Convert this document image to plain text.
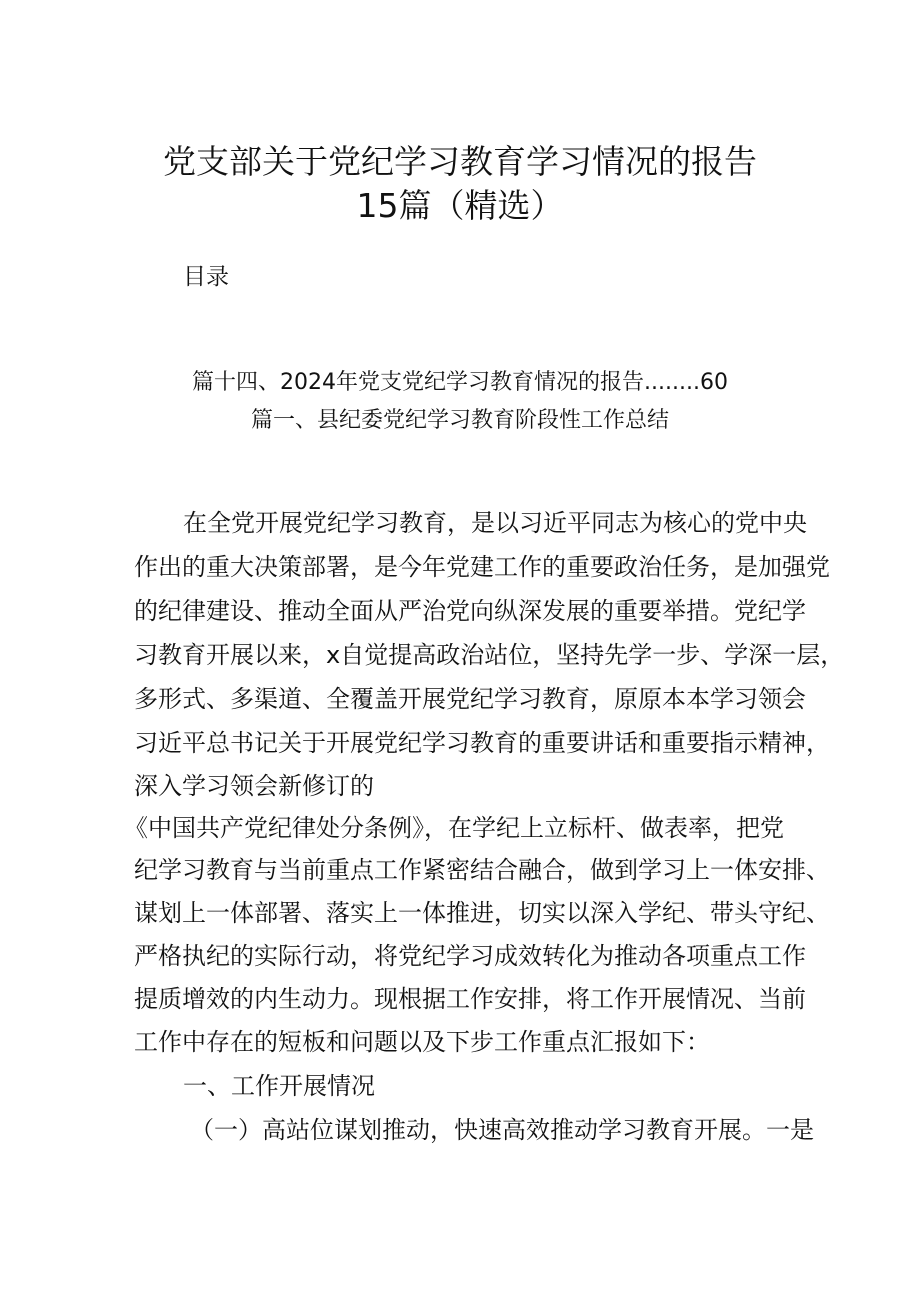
党支部关于党纪学习教育学习情况的报告
15篇（精选）
目录
篇十四、2024年党支党纪学习教育情况的报告........60
篇一、县纪委党纪学习教育阶段性工作总结
在全党开展党纪学习教育，是以习近平同志为核心的党中央
作出的重大决策部署，是今年党建工作的重要政治任务，是加强党
的纪律建设、推动全面从严治党向纵深发展的重要举措。党纪学
习教育开展以来，x自觉提高政治站位，坚持先学一步、学深一层，
多形式、多渠道、全覆盖开展党纪学习教育，原原本本学习领会
习近平总书记关于开展党纪学习教育的重要讲话和重要指示精神，
深入学习领会新修订的
《中国共产党纪律处分条例》，在学纪上立标杆、做表率，把党
纪学习教育与当前重点工作紧密结合融合，做到学习上一体安排、
谋划上一体部署、落实上一体推进，切实以深入学纪、带头守纪、
严格执纪的实际行动，将党纪学习成效转化为推动各项重点工作
提质增效的内生动力。现根据工作安排，将工作开展情况、当前
工作中存在的短板和问题以及下步工作重点汇报如下：
一、工作开展情况
（一）高站位谋划推动，快速高效推动学习教育开展。一是
